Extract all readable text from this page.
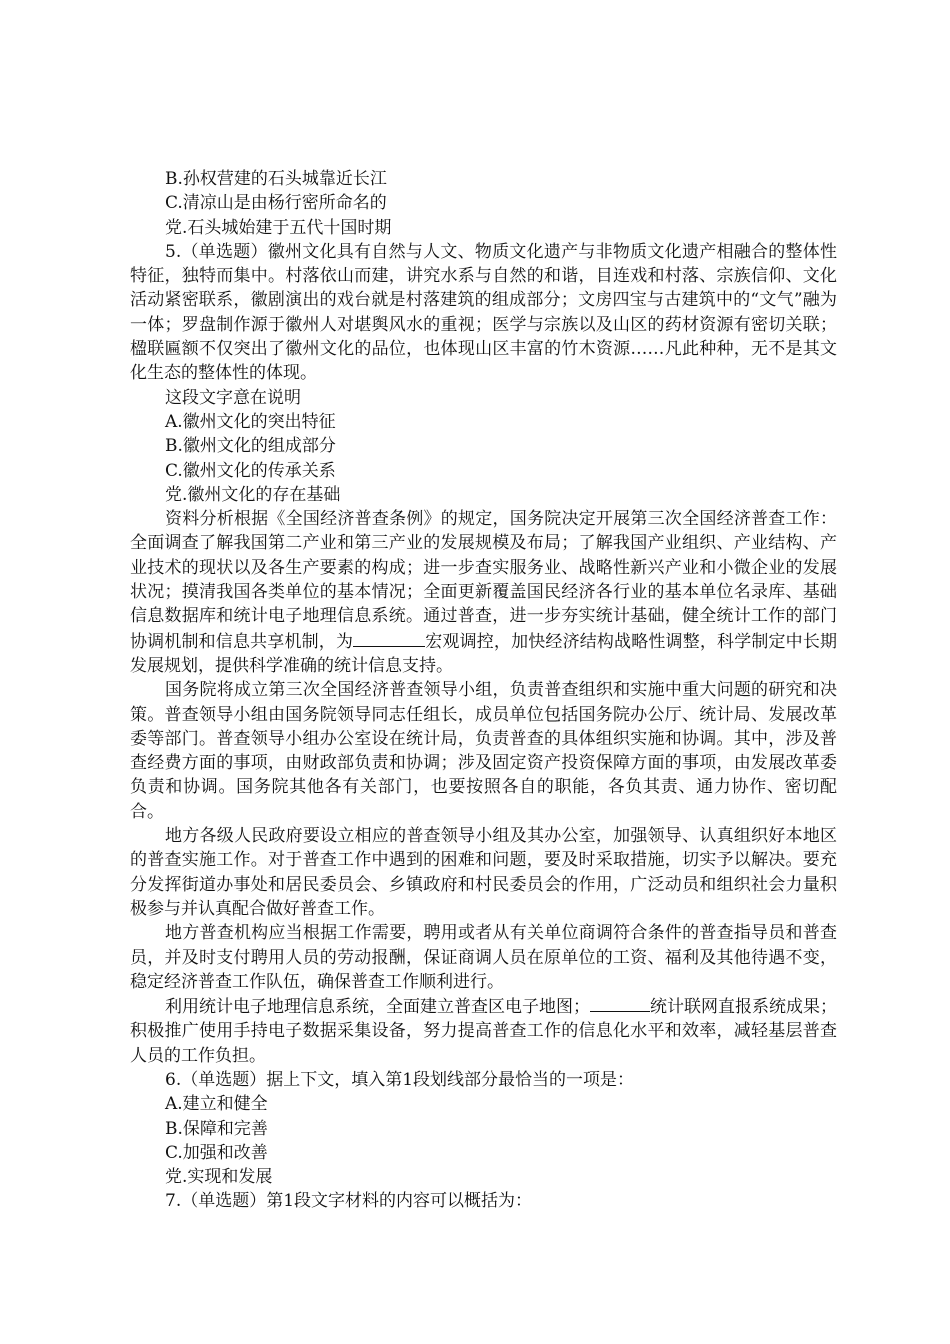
B.孙权营建的石头城靠近长江

C.清凉山是由杨行密所命名的

党.石头城始建于五代十国时期

5.（单选题）徽州文化具有自然与人文、物质文化遗产与非物质文化遗产相融合的整体性特征，独特而集中。村落依山而建，讲究水系与自然的和谐，目连戏和村落、宗族信仰、文化活动紧密联系，徽剧演出的戏台就是村落建筑的组成部分；文房四宝与古建筑中的“文气”融为一体；罗盘制作源于徽州人对堪舆风水的重视；医学与宗族以及山区的药材资源有密切关联；楹联匾额不仅突出了徽州文化的品位，也体现山区丰富的竹木资源……凡此种种，无不是其文化生态的整体性的体现。

这段文字意在说明

A.徽州文化的突出特征

B.徽州文化的组成部分

C.徽州文化的传承关系

党.徽州文化的存在基础

资料分析根据《全国经济普查条例》的规定，国务院决定开展第三次全国经济普查工作：全面调查了解我国第二产业和第三产业的发展规模及布局；了解我国产业组织、产业结构、产业技术的现状以及各生产要素的构成；进一步查实服务业、战略性新兴产业和小微企业的发展状况；摸清我国各类单位的基本情况；全面更新覆盖国民经济各行业的基本单位名录库、基础信息数据库和统计电子地理信息系统。通过普查，进一步夯实统计基础，健全统计工作的部门协调机制和信息共享机制，为	宏观调控，加快经济结构战略性调整，科学制定中长期发展规划，提供科学准确的统计信息支持。

国务院将成立第三次全国经济普查领导小组，负责普查组织和实施中重大问题的研究和决策。普查领导小组由国务院领导同志任组长，成员单位包括国务院办公厅、统计局、发展改革委等部门。普查领导小组办公室设在统计局，负责普查的具体组织实施和协调。其中，涉及普查经费方面的事项，由财政部负责和协调；涉及固定资产投资保障方面的事项，由发展改革委负责和协调。国务院其他各有关部门，也要按照各自的职能，各负其责、通力协作、密切配合。

地方各级人民政府要设立相应的普查领导小组及其办公室，加强领导、认真组织好本地区的普查实施工作。对于普查工作中遇到的困难和问题，要及时采取措施，切实予以解决。要充分发挥街道办事处和居民委员会、乡镇政府和村民委员会的作用，广泛动员和组织社会力量积极参与并认真配合做好普查工作。

地方普查机构应当根据工作需要，聘用或者从有关单位商调符合条件的普查指导员和普查员，并及时支付聘用人员的劳动报酬，保证商调人员在原单位的工资、福利及其他待遇不变，稳定经济普查工作队伍，确保普查工作顺利进行。

利用统计电子地理信息系统，全面建立普查区电子地图；	统计联网直报系统成果；积极推广使用手持电子数据采集设备，努力提高普查工作的信息化水平和效率，减轻基层普查人员的工作负担。

6.（单选题）据上下文，填入第1段划线部分最恰当的一项是：

A.建立和健全

B.保障和完善

C.加强和改善

党.实现和发展

7.（单选题）第1段文字材料的内容可以概括为：
